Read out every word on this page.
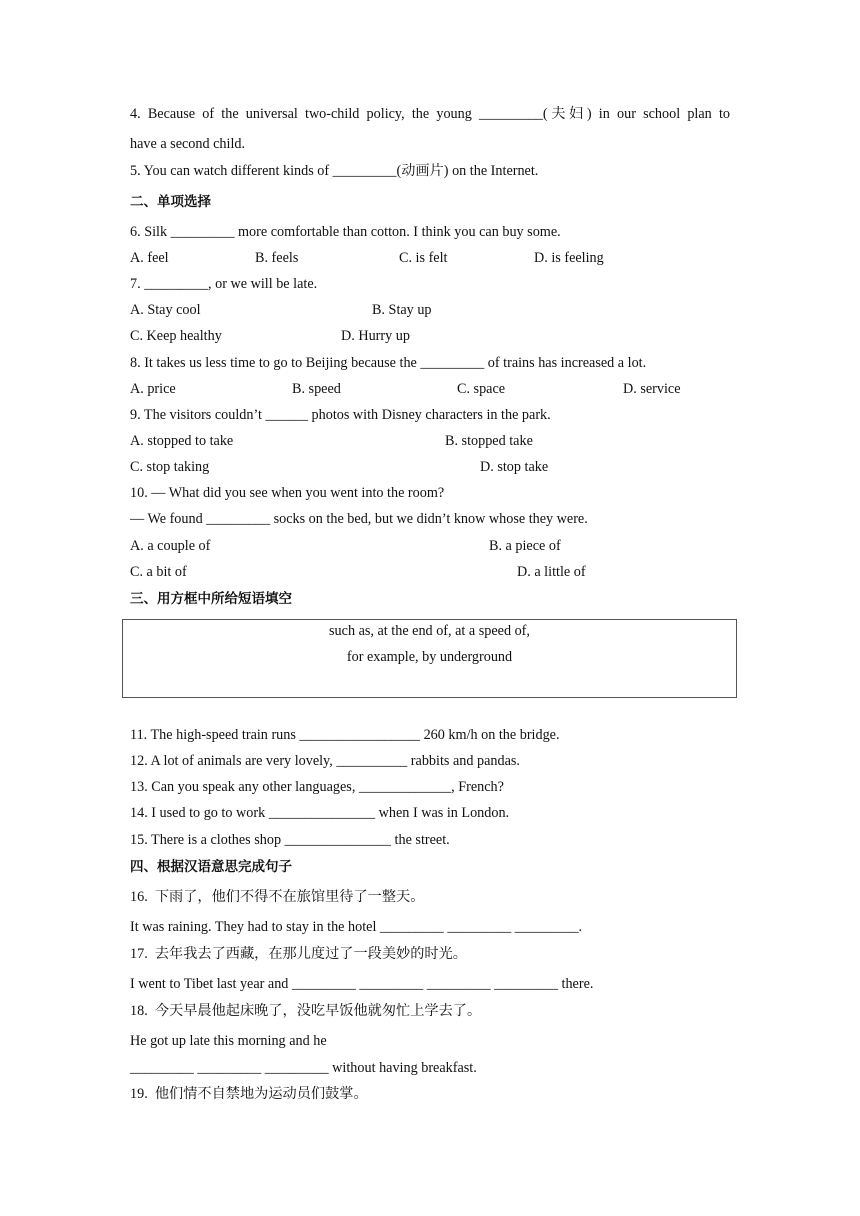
4. Because of the universal two-child policy, the young _________(夫妇) in our school plan to
have a second child.
5. You can watch different kinds of _________(动画片) on the Internet.
二、单项选择
6. Silk _________ more comfortable than cotton. I think you can buy some.
A. feel	B. feels	C. is felt	D. is feeling
7. _________, or we will be late.
A. Stay cool	B. Stay up
C. Keep healthy	D. Hurry up
8. It takes us less time to go to Beijing because the _________ of trains has increased a lot.
A. price	B. speed	C. space	D. service
9. The visitors couldn’t ______ photos with Disney characters in the park.
A. stopped to take	B. stopped take
C. stop taking	D. stop take
10. — What did you see when you went into the room?
— We found _________ socks on the bed, but we didn’t know whose they were.
A. a couple of	B. a piece of
C. a bit of	D. a little of
三、用方框中所给短语填空
such as, at the end of, at a speed of,
for example, by underground
11. The high-speed train runs _________________ 260 km/h on the bridge.
12. A lot of animals are very lovely, __________ rabbits and pandas.
13. Can you speak any other languages, _____________, French?
14. I used to go to work _______________ when I was in London.
15. There is a clothes shop _______________ the street.
四、根据汉语意思完成句子
16.  下雨了，他们不得不在旅馆里待了一整天。
It was raining. They had to stay in the hotel _________ _________ _________.
17.  去年我去了西藏，在那儿度过了一段美妙的时光。
I went to Tibet last year and _________ _________ _________ _________ there.
18.  今天早晨他起床晚了，没吃早饭他就匆忙上学去了。
He got up late this morning and he
_________ _________ _________ without having breakfast.
19.  他们情不自禁地为运动员们鼓掌。
